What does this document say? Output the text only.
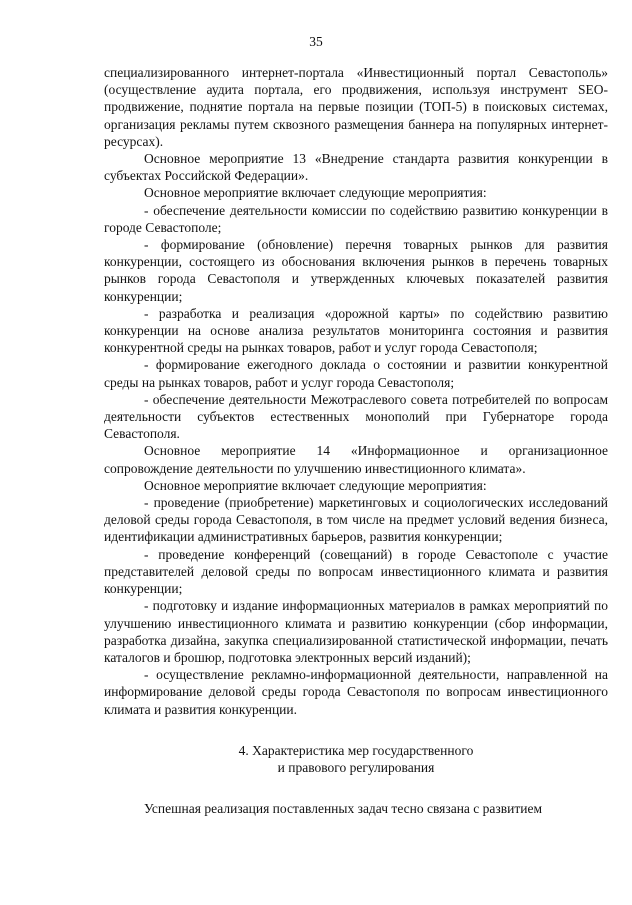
35

специализированного интернет-портала «Инвестиционный портал Севастополь» (осуществление аудита портала, его продвижения, используя инструмент SEO-продвижение, поднятие портала на первые позиции (ТОП-5) в поисковых системах, организация рекламы путем сквозного размещения баннера на популярных интернет-ресурсах).

Основное мероприятие 13 «Внедрение стандарта развития конкуренции в субъектах Российской Федерации».

Основное мероприятие включает следующие мероприятия:

- обеспечение деятельности комиссии по содействию развитию конкуренции в городе Севастополе;

- формирование (обновление) перечня товарных рынков для развития конкуренции, состоящего из обоснования включения рынков в перечень товарных рынков города Севастополя и утвержденных ключевых показателей развития конкуренции;

- разработка и реализация «дорожной карты» по содействию развитию конкуренции на основе анализа результатов мониторинга состояния и развития конкурентной среды на рынках товаров, работ и услуг города Севастополя;

- формирование ежегодного доклада о состоянии и развитии конкурентной среды на рынках товаров, работ и услуг города Севастополя;

- обеспечение деятельности Межотраслевого совета потребителей по вопросам деятельности субъектов естественных монополий при Губернаторе города Севастополя.

Основное мероприятие 14 «Информационное и организационное сопровождение деятельности по улучшению инвестиционного климата».

Основное мероприятие включает следующие мероприятия:

- проведение (приобретение) маркетинговых и социологических исследований деловой среды города Севастополя, в том числе на предмет условий ведения бизнеса, идентификации административных барьеров, развития конкуренции;

- проведение конференций (совещаний) в городе Севастополе с участие представителей деловой среды по вопросам инвестиционного климата и развития конкуренции;

- подготовку и издание информационных материалов в рамках мероприятий по улучшению инвестиционного климата и развитию конкуренции (сбор информации, разработка дизайна, закупка специализированной статистической информации, печать каталогов и брошюр, подготовка электронных версий изданий);

- осуществление рекламно-информационной деятельности, направленной на информирование деловой среды города Севастополя по вопросам инвестиционного климата и развития конкуренции.

4. Характеристика мер государственного
и правового регулирования

Успешная реализация поставленных задач тесно связана с развитием
